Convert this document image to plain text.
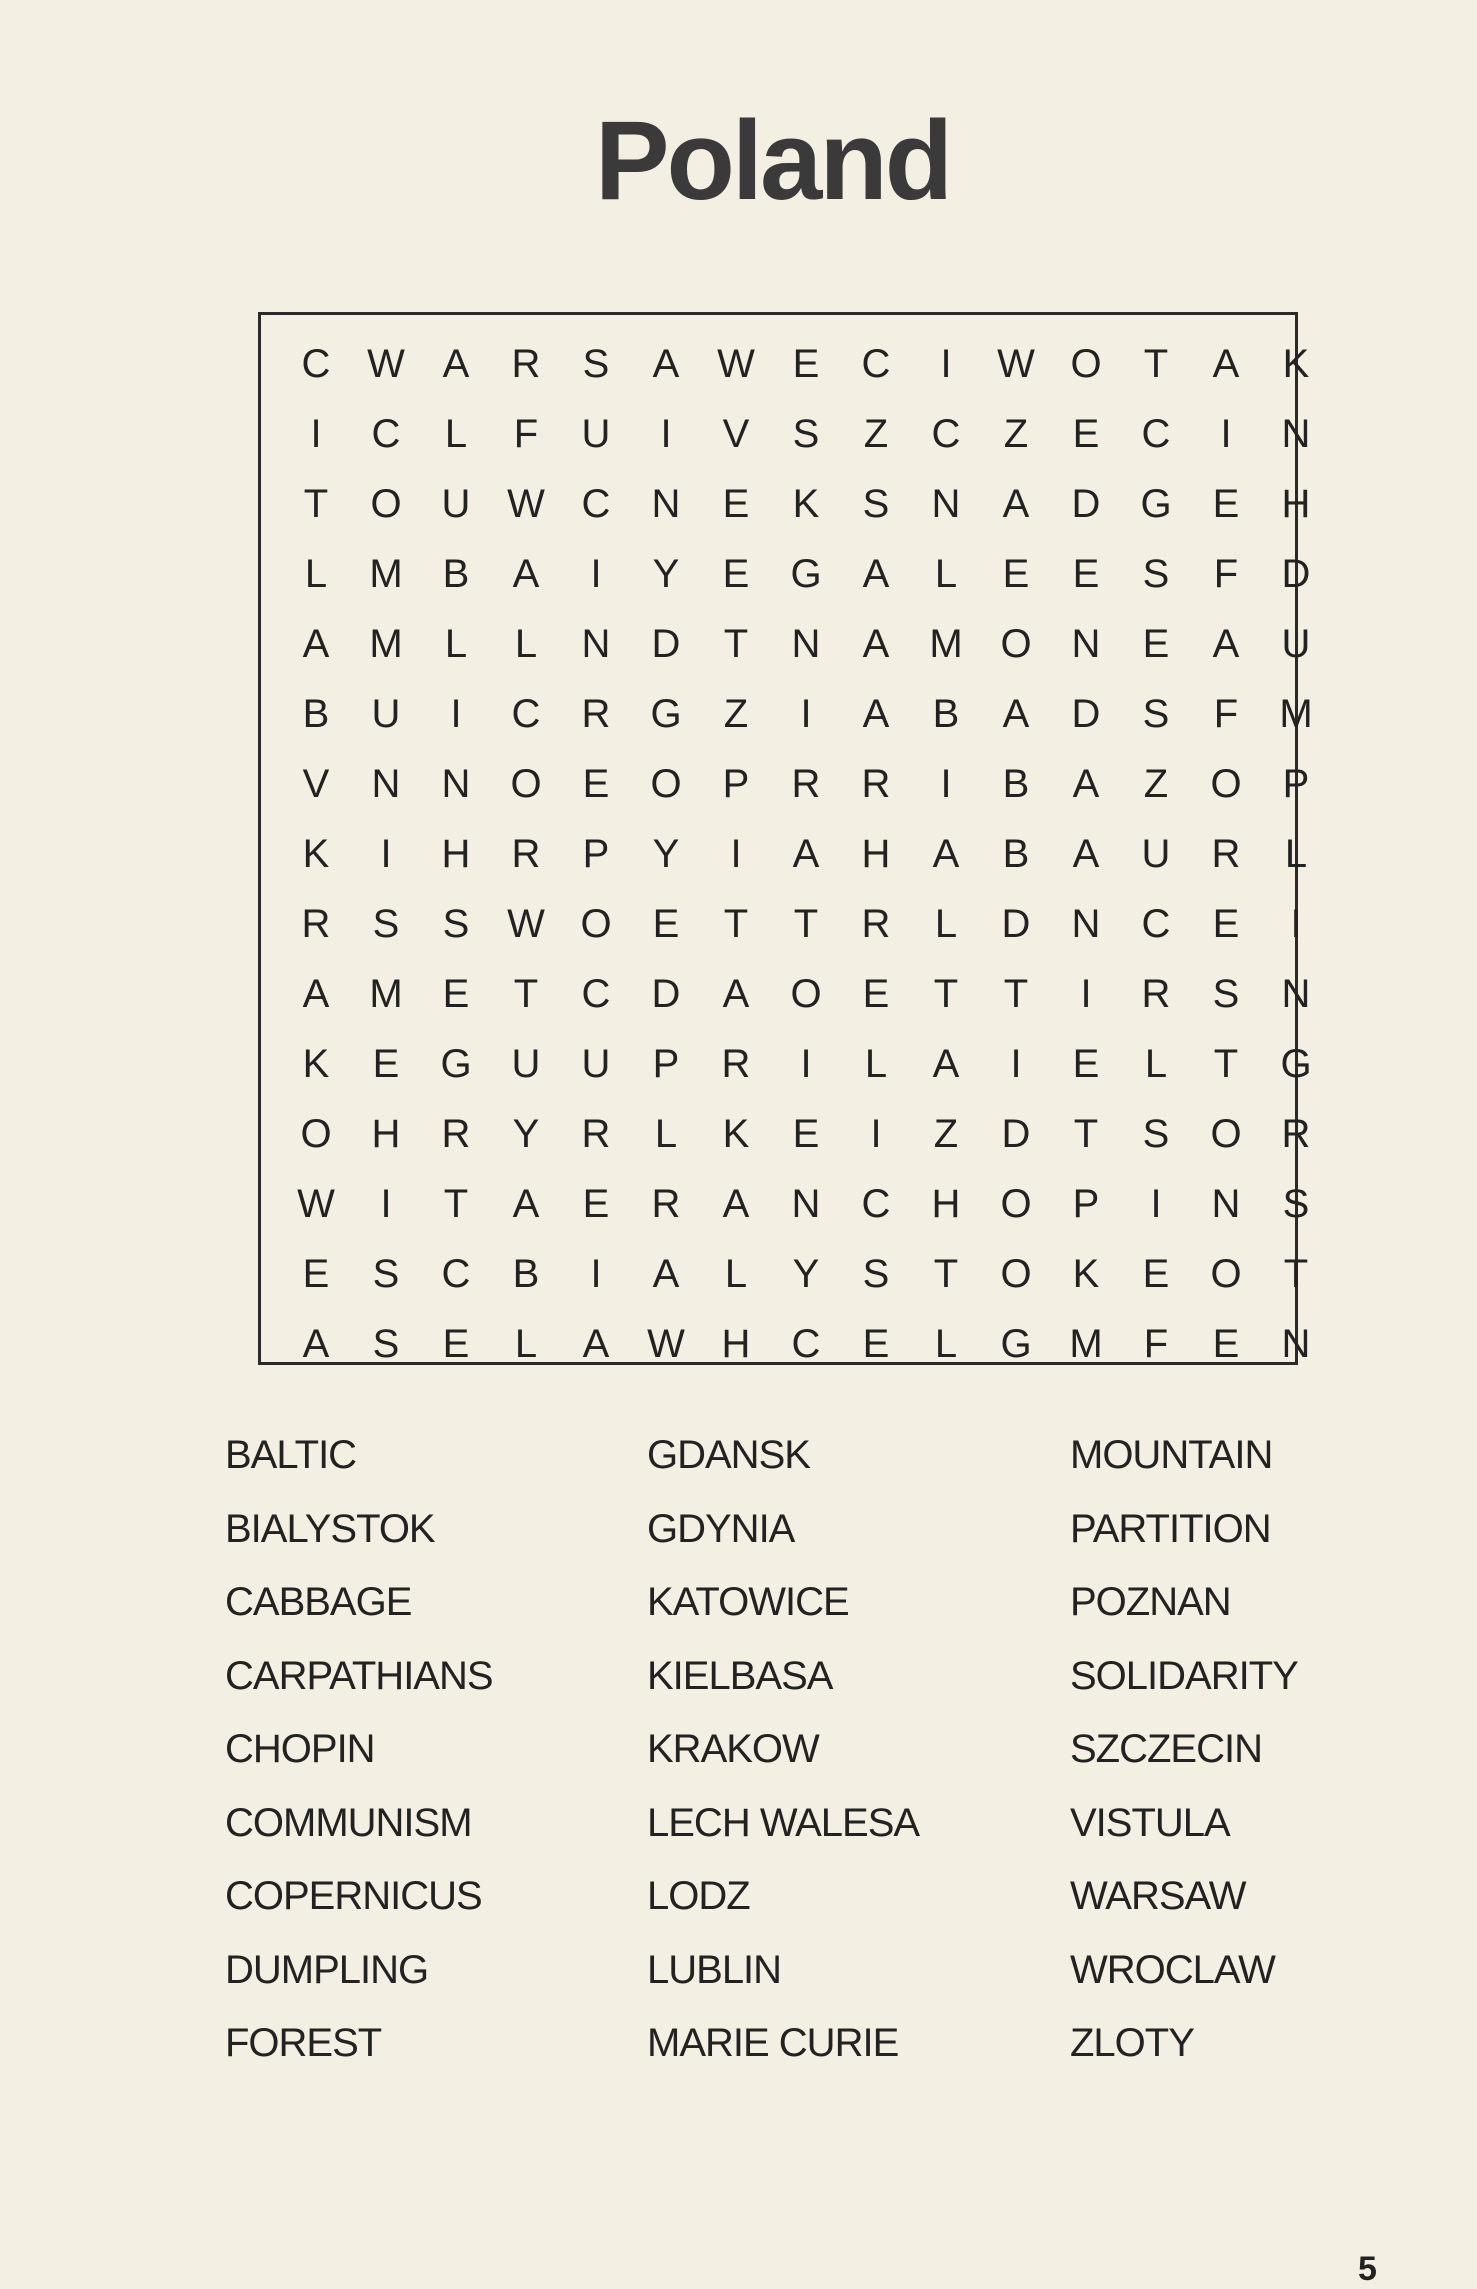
Poland
C W A	R	S	A W E	C	I	W O	T	A	K
I	C	L	F	U	I	V	S	Z	C	Z	E	C	I	N
T	O U W C	N	E	K	S	N	A	D	G	E	H
L	M	B	A	I	Y	E	G	A	L	E	E	S	F	D
A M	L	L	N	D	T	N	A M O N	E	A	U
B	U	I	C	R	G	Z	I	A	B	A	D	S	F	M
V	N	N	O	E	O	P	R	R	I	B	A	Z	O	P
K	I	H	R	P	Y	I	A	H	A	B	A	U	R	L
R	S	S W O	E	T	T	R	L	D	N	C	E	I
A M	E	T	C	D	A	O	E	T	T	I	R	S	N
K	E	G U	U	P	R	I	L	A	I	E	L	T	G
O H	R	Y	R	L	K	E	I	Z	D	T	S	O R
W	I	T	A	E	R	A	N	C	H	O	P	I	N	S
E	S	C	B	I	A	L	Y	S	T	O	K	E	O	T
A	S	E	L	A W H	C	E	L	G M	F	E	N
BALTIC
BIALYSTOK
CABBAGE
CARPATHIANS
CHOPIN
COMMUNISM
COPERNICUS
DUMPLING
FOREST
GDANSK
GDYNIA
KATOWICE
KIELBASA
KRAKOW
LECH WALESA
LODZ
LUBLIN
MARIE CURIE
MOUNTAIN
PARTITION
POZNAN
SOLIDARITY
SZCZECIN
VISTULA
WARSAW
WROCLAW
ZLOTY
5
